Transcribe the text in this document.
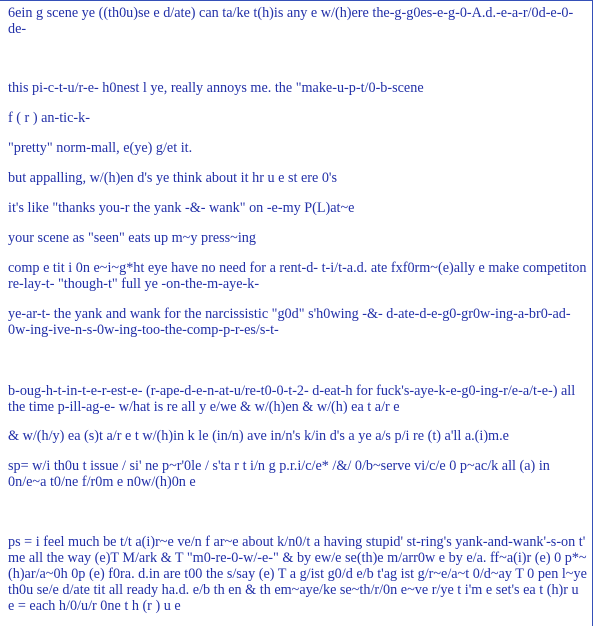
6ein g scene ye ((th0u)se e d/ate) can ta/ke t(h)is any e w/(h)ere the-g-g0es-e-g-0-A.d.-e-a-r/0d-e-0-de-

this pi-c-t-u/r-e- h0nest l ye, really annoys me. the "make-u-p-t/0-b-scene

f ( r ) an-tic-k-

"pretty" norm-mall, e(ye) g/et it.

but appalling, w/(h)en d's ye think about it hr u e st ere 0's

it's like "thanks you-r the yank -&- wank" on -e-my P(L)at~e

your scene as "seen" eats up m~y press~ing

comp e tit i 0n e~i~g*ht eye have no need for a rent-d- t-i/t-a.d. ate fxf0rm~(e)ally e make competiton re-lay-t- "though-t" full ye -on-the-m-aye-k-

ye-ar-t- the yank and wank for the narcissistic "g0d" s'h0wing -&- d-ate-d-e-g0-gr0w-ing-a-br0-ad-0w-ing-ive-n-s-0w-ing-too-the-comp-p-r-es/s-t-

b-oug-h-t-in-t-e-r-est-e- (r-ape-d-e-n-at-u/re-t0-0-t-2- d-eat-h for fuck's-aye-k-e-g0-ing-r/e-a/t-e-) all the time p-ill-ag-e- w/hat is re all y e/we & w/(h)en & w/(h) ea t a/r e

& w/(h/y) ea (s)t a/r e t w/(h)in k le (in/n) ave in/n's k/in d's a ye a/s p/i re (t) a'll a.(i)m.e

sp= w/i th0u t issue / si' ne p~r'0le / s'ta r t i/n g p.r.i/c/e* /&/ 0/b~serve vi/c/e 0 p~ac/k all (a) in 0n/e~a t0/ne f/r0m e n0w/(h)0n e

ps = i feel much be t/t a(i)r~e ve/n f ar~e about k/n0/t a having stupid' st-ring's yank-and-wank'-s-on t' me all the way (e)T M/ark & T "m0-re-0-w/-e-" & by ew/e se(th)e m/arr0w e by e/a. ff~a(i)r (e) 0 p*~(h)ar/a~0h 0p (e) f0ra. d.in are t00 the s/say (e) T a g/ist g0/d e/b t'ag ist g/r~e/a~t 0/d~ay T 0 pen l~ye th0u se/e d/ate tit all ready ha.d. e/b th en & th em~aye/ke se~th/r/0n e~ve r/ye t i'm e set's ea t (h)r u e = each h/0/u/r 0ne t h (r ) u e
